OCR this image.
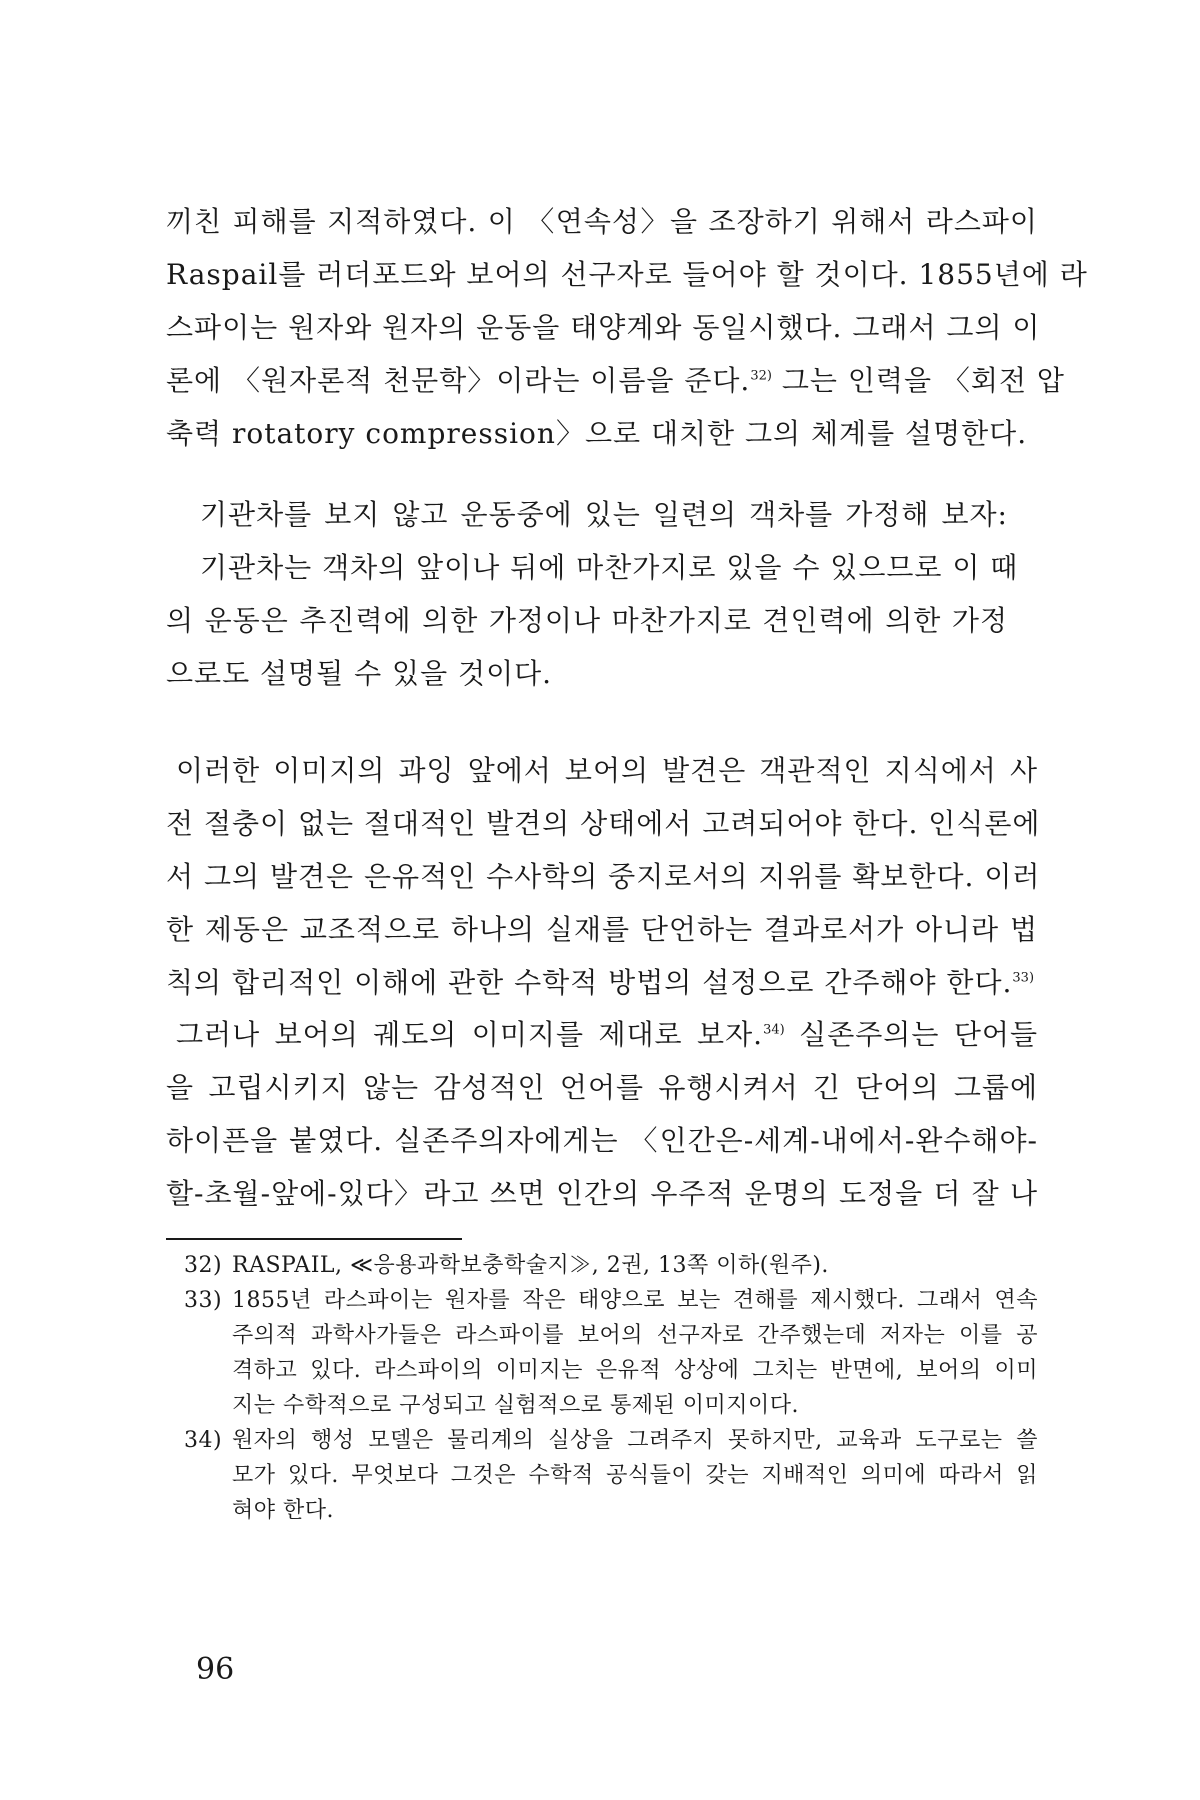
끼친 피해를 지적하였다. 이 〈연속성〉을 조장하기 위해서 라스파이
Raspail를 러더포드와 보어의 선구자로 들어야 할 것이다. 1855년에 라
스파이는 원자와 원자의 운동을 태양계와 동일시했다. 그래서 그의 이
론에 〈원자론적 천문학〉이라는 이름을 준다.$^{32)}$ 그는 인력을 〈회전 압
축력 rotatory compression〉으로 대치한 그의 체계를 설명한다.
기관차를 보지 않고 운동중에 있는 일련의 객차를 가정해 보자:
기관차는 객차의 앞이나 뒤에 마찬가지로 있을 수 있으므로 이 때
의 운동은 추진력에 의한 가정이나 마찬가지로 견인력에 의한 가정
으로도 설명될 수 있을 것이다.
이러한 이미지의 과잉 앞에서 보어의 발견은 객관적인 지식에서 사
전 절충이 없는 절대적인 발견의 상태에서 고려되어야 한다. 인식론에
서 그의 발견은 은유적인 수사학의 중지로서의 지위를 확보한다. 이러
한 제동은 교조적으로 하나의 실재를 단언하는 결과로서가 아니라 법
칙의 합리적인 이해에 관한 수학적 방법의 설정으로 간주해야 한다.$^{33)}$
그러나 보어의 궤도의 이미지를 제대로 보자.$^{34)}$ 실존주의는 단어들
을 고립시키지 않는 감성적인 언어를 유행시켜서 긴 단어의 그룹에
하이픈을 붙였다. 실존주의자에게는 〈인간은-세계-내에서-완수해야-
할-초월-앞에-있다〉라고 쓰면 인간의 우주적 운명의 도정을 더 잘 나
32) RASPAIL, ≪응용과학보충학술지≫, 2권, 13쪽 이하(원주).
33) 1855년 라스파이는 원자를 작은 태양으로 보는 견해를 제시했다. 그래서 연속
주의적 과학사가들은 라스파이를 보어의 선구자로 간주했는데 저자는 이를 공
격하고 있다. 라스파이의 이미지는 은유적 상상에 그치는 반면에, 보어의 이미
지는 수학적으로 구성되고 실험적으로 통제된 이미지이다.
34) 원자의 행성 모델은 물리계의 실상을 그려주지 못하지만, 교육과 도구로는 쓸
모가 있다. 무엇보다 그것은 수학적 공식들이 갖는 지배적인 의미에 따라서 읽
혀야 한다.
96
